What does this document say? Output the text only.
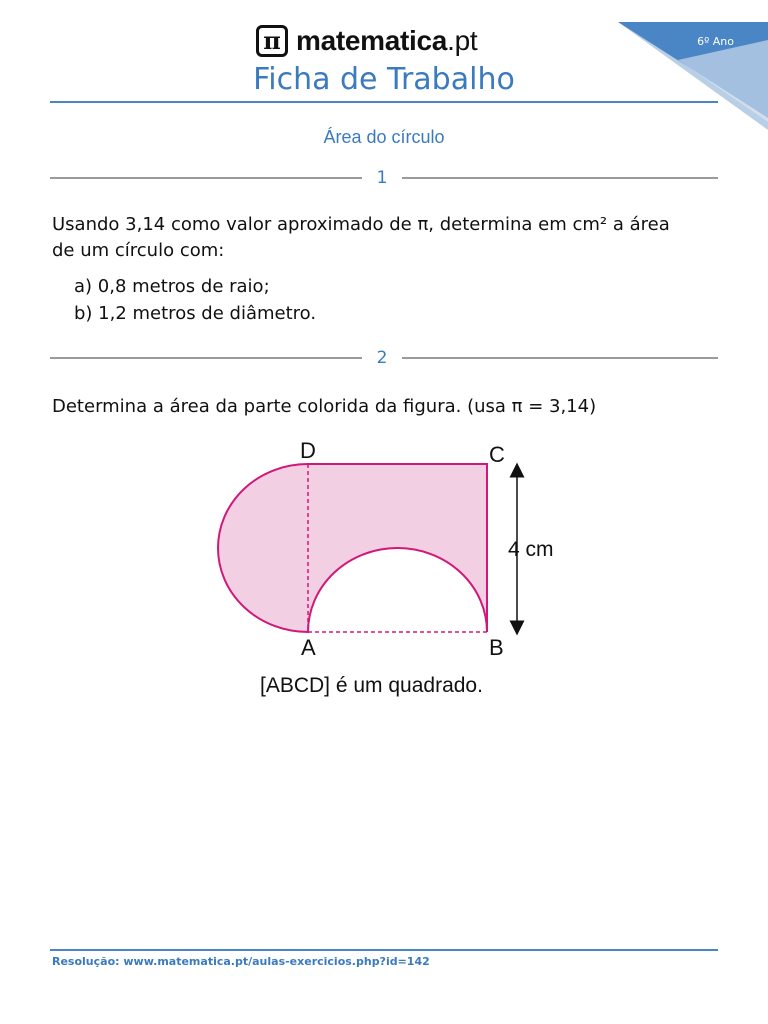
6º Ano
π matematica.pt
Ficha de Trabalho
Área do círculo
1
Usando 3,14 como valor aproximado de π, determina em cm² a área
de um círculo com:
a) 0,8 metros de raio;
b) 1,2 metros de diâmetro.
2
Determina a área da parte colorida da figura. (usa π = 3,14)
D	C
A	B
4 cm
[ABCD] é um quadrado.
Resolução: www.matematica.pt/aulas-exercicios.php?id=142
